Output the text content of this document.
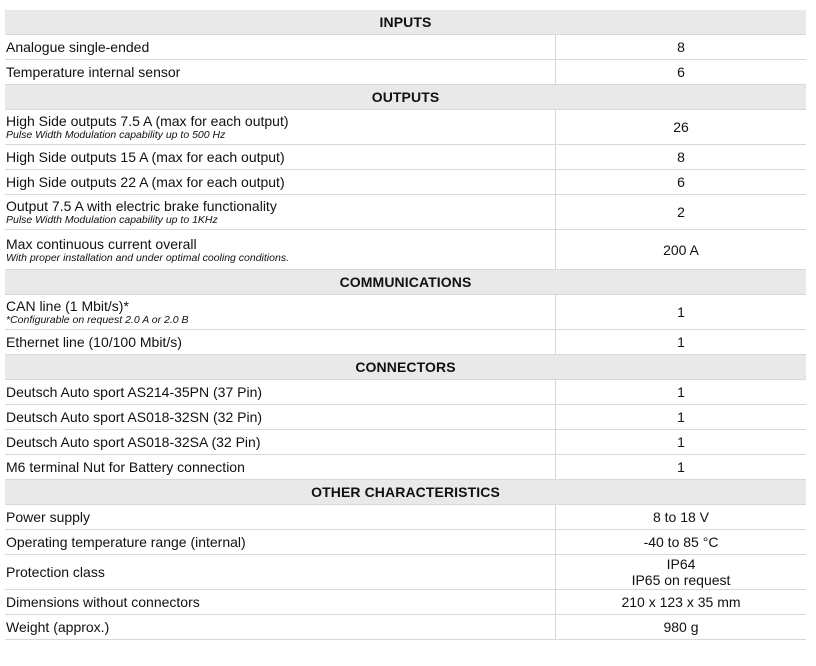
INPUTS
Analogue single-ended	8
Temperature internal sensor	6
OUTPUTS
High Side outputs 7.5 A (max for each output)
Pulse Width Modulation capability up to 500 Hz	26
High Side outputs 15 A (max for each output)	8
High Side outputs 22 A (max for each output)	6
Output 7.5 A with electric brake functionality
Pulse Width Modulation capability up to 1KHz	2
Max continuous current overall
With proper installation and under optimal cooling conditions.	200 A
COMMUNICATIONS
CAN line (1 Mbit/s)*
*Configurable on request 2.0 A or 2.0 B	1
Ethernet line (10/100 Mbit/s)	1
CONNECTORS
Deutsch Auto sport AS214-35PN (37 Pin)	1
Deutsch Auto sport AS018-32SN (32 Pin)	1
Deutsch Auto sport AS018-32SA (32 Pin)	1
M6 terminal Nut for Battery connection	1
OTHER CHARACTERISTICS
Power supply	8 to 18 V
Operating temperature range (internal)	-40 to 85 °C
Protection class	IP64
IP65 on request
Dimensions without connectors	210 x 123 x 35 mm
Weight (approx.)	980 g
